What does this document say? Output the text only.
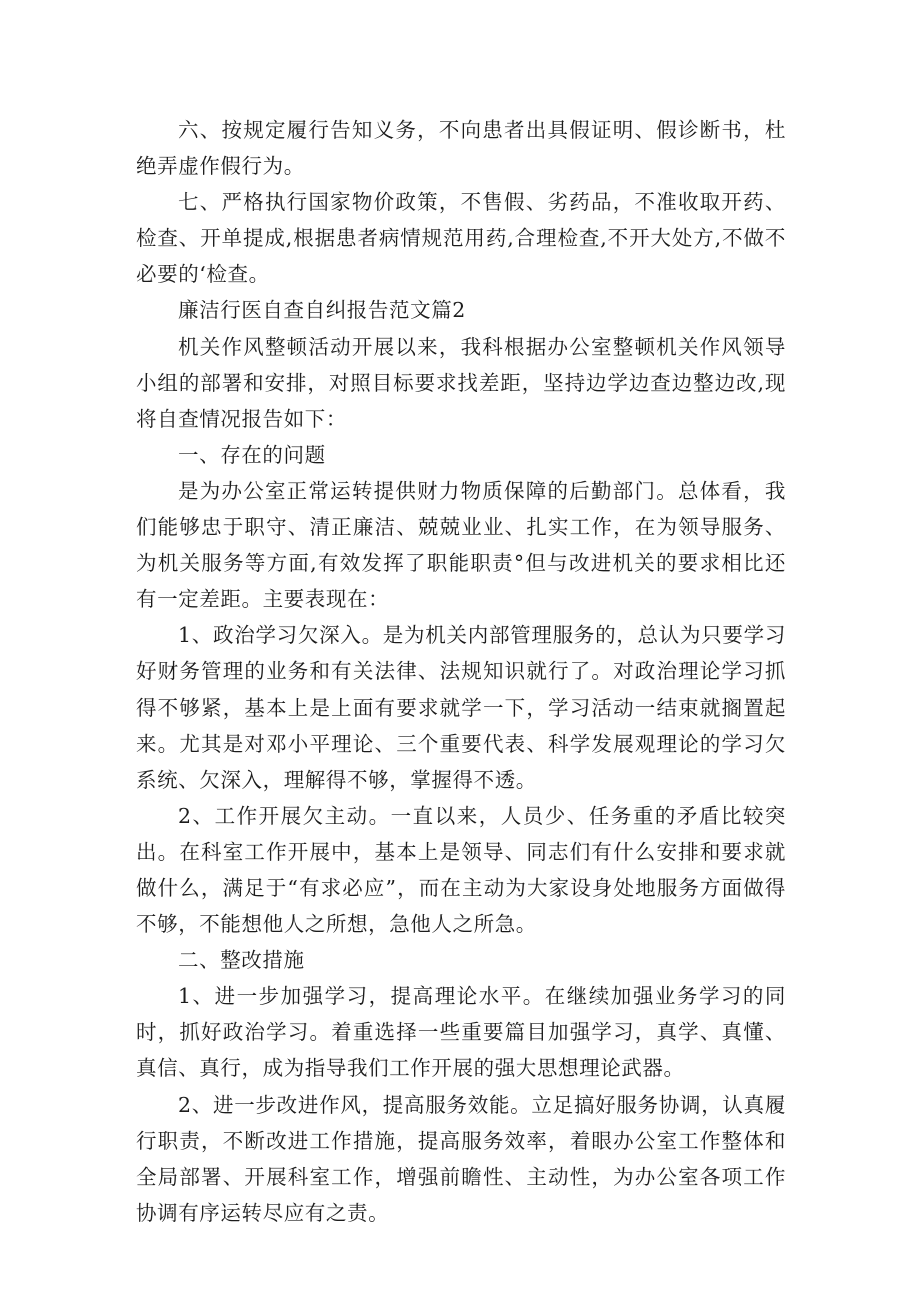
六、按规定履行告知义务，不向患者出具假证明、假诊断书，杜绝弄虚作假行为。

七、严格执行国家物价政策，不售假、劣药品，不准收取开药、检查、开单提成,根据患者病情规范用药,合理检查,不开大处方,不做不必要的‘检查。

廉洁行医自查自纠报告范文篇2

机关作风整顿活动开展以来，我科根据办公室整顿机关作风领导小组的部署和安排，对照目标要求找差距，坚持边学边查边整边改,现将自查情况报告如下：

一、存在的问题

是为办公室正常运转提供财力物质保障的后勤部门。总体看，我们能够忠于职守、清正廉洁、兢兢业业、扎实工作，在为领导服务、为机关服务等方面,有效发挥了职能职责°但与改进机关的要求相比还有一定差距。主要表现在：

1、政治学习欠深入。是为机关内部管理服务的，总认为只要学习好财务管理的业务和有关法律、法规知识就行了。对政治理论学习抓得不够紧，基本上是上面有要求就学一下，学习活动一结束就搁置起来。尤其是对邓小平理论、三个重要代表、科学发展观理论的学习欠系统、欠深入，理解得不够，掌握得不透。

2、工作开展欠主动。一直以来，人员少、任务重的矛盾比较突出。在科室工作开展中，基本上是领导、同志们有什么安排和要求就做什么，满足于“有求必应”，而在主动为大家设身处地服务方面做得不够，不能想他人之所想，急他人之所急。

二、整改措施

1、进一步加强学习，提高理论水平。在继续加强业务学习的同时，抓好政治学习。着重选择一些重要篇目加强学习，真学、真懂、真信、真行，成为指导我们工作开展的强大思想理论武器。

2、进一步改进作风，提高服务效能。立足搞好服务协调，认真履行职责，不断改进工作措施，提高服务效率，着眼办公室工作整体和全局部署、开展科室工作，增强前瞻性、主动性，为办公室各项工作协调有序运转尽应有之责。
